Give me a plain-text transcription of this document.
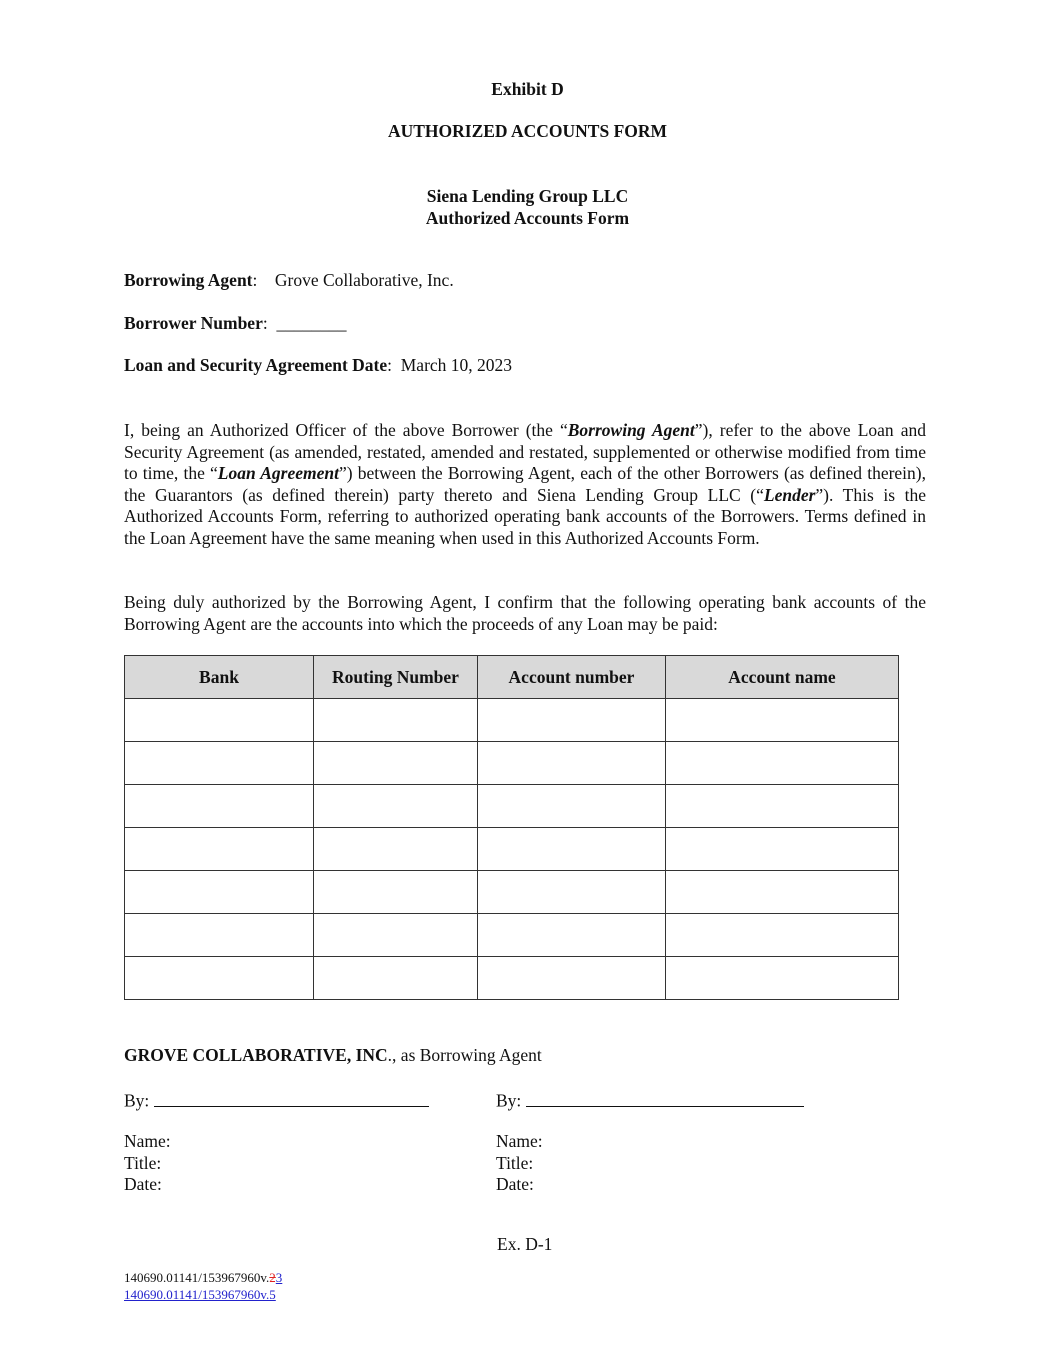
Exhibit D
AUTHORIZED ACCOUNTS FORM
Siena Lending Group LLC
Authorized Accounts Form
Borrowing Agent:    Grove Collaborative, Inc.
Borrower Number:  ________
Loan and Security Agreement Date:  March 10, 2023
I, being an Authorized Officer of the above Borrower (the “Borrowing Agent”), refer to the above Loan and Security Agreement (as amended, restated, amended and restated, supplemented or otherwise modified from time to time, the “Loan Agreement”) between the Borrowing Agent, each of the other Borrowers (as defined therein), the Guarantors (as defined therein) party thereto and Siena Lending Group LLC (“Lender”). This is the Authorized Accounts Form, referring to authorized operating bank accounts of the Borrowers. Terms defined in the Loan Agreement have the same meaning when used in this Authorized Accounts Form.
Being duly authorized by the Borrowing Agent, I confirm that the following operating bank accounts of the Borrowing Agent are the accounts into which the proceeds of any Loan may be paid:
Bank	Routing Number	Account number	Account name

GROVE COLLABORATIVE, INC., as Borrowing Agent
By:	By:
Name:
Title:
Date:
Name:
Title:
Date:
Ex. D-1
140690.01141/153967960v.23
140690.01141/153967960v.5
